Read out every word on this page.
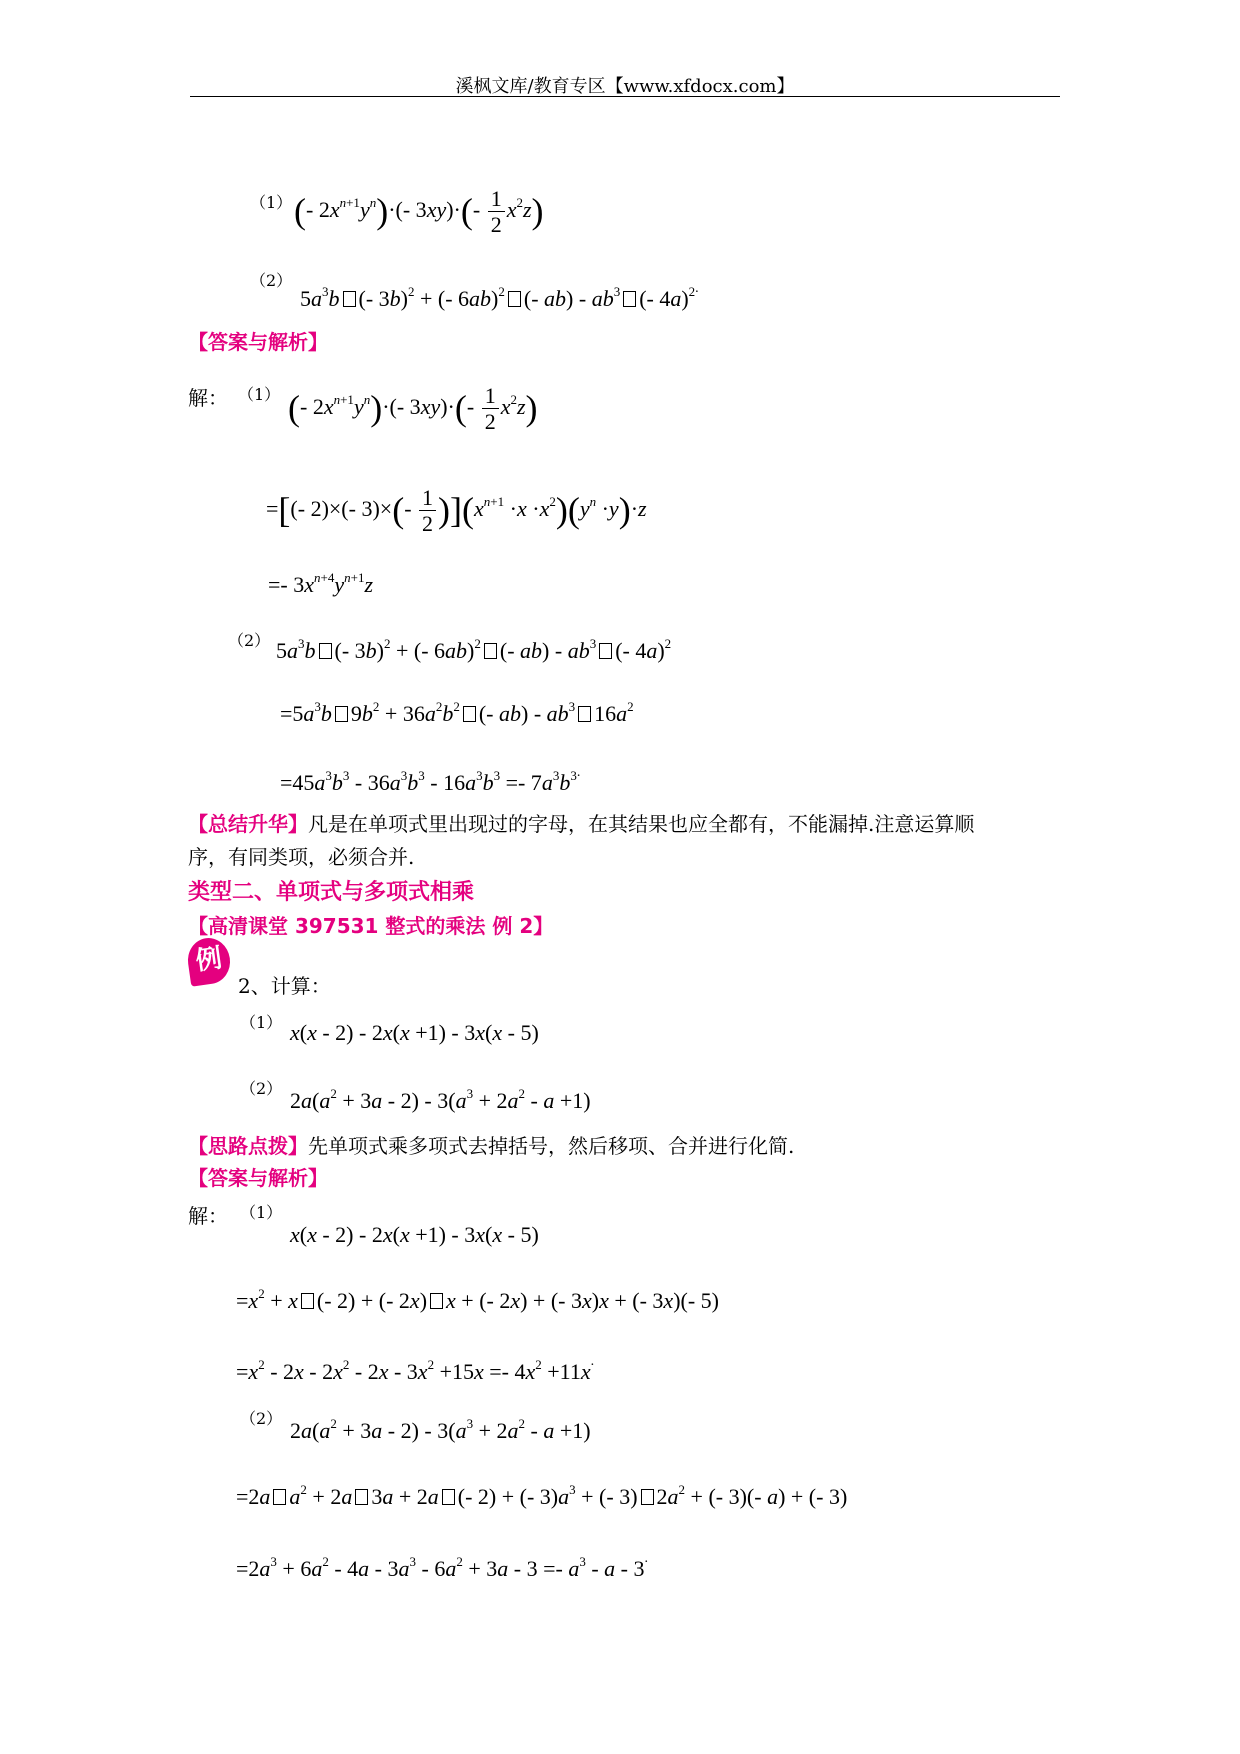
溪枫文库/教育专区【www.xfdocx.com】
（1） (- $2x^{n+1}y^n)\cdot(-$ $3xy)\cdot(- \frac{1}{2} x^2z)$
（2）
$5a^3b$ (- 3b)$^2$ + (- 6ab)$^2$ (- $ab) - ab^3$ (- 4a)$^{2.}$
【答案与解析】
解： （1） (- $2x^{n+1}y^n)\cdot(-$ $3xy)\cdot(- \frac{1}{2} x^2z)$
=[(- 2)×(- $3)\times(- \frac{1}{2} )](x^{n+1} \cdot x \cdot x^2)(y^n \cdot y)\cdot z$
=- $3x^{n+4}y^{n+1}z$
（2） $5a^3b$ (- 3b)$^2$ + (- 6ab)$^2$ (- $ab) - ab^3$ (- 4a)$^2$
$=5a^3b$ $9b^2 + 36a^2b^2$ (- $ab) - ab^3$ $16a^2$
$=45a^3b^3 - 36a^3b^3 - 16a^3b^3 =- 7a^3b^{3.}$
【总结升华】凡是在单项式里出现过的字母，在其结果也应全都有，不能漏掉.注意运算顺
序，有同类项，必须合并.
类型二、单项式与多项式相乘
【高清课堂 397531 整式的乘法 例 2】
例
2、计算：
（1） x(x - 2) - 2x(x +1) - 3x(x - 5)
（2） $2a(a^2 + 3a - 2) - 3(a^3 + 2a^2 - a +1)$
【思路点拨】先单项式乘多项式去掉括号，然后移项、合并进行化简.
【答案与解析】
解： （1）
x(x - 2) - 2x(x +1) - 3x(x - 5)
$=x^2 + x$ (- 2) + (- 2x) x + (- 2x) + (- 3x)x + (- 3x)(- 5)
$=x^2 - 2x - 2x^2 - 2x - 3x^2 +15x =- 4x^2 +11x^.$
（2） $2a(a^2 + 3a - 2) - 3(a^3 + 2a^2 - a +1)$
=2a $a^2 + 2a$ 3a + 2a (- 2) + (- $3)a^3$ + (- 3) $2a^2$ + (- 3)(- a) + (- 3)
$=2a^3 + 6a^2 - 4a - 3a^3 - 6a^2 + 3a - 3 =- a^3 - a - 3^.$
